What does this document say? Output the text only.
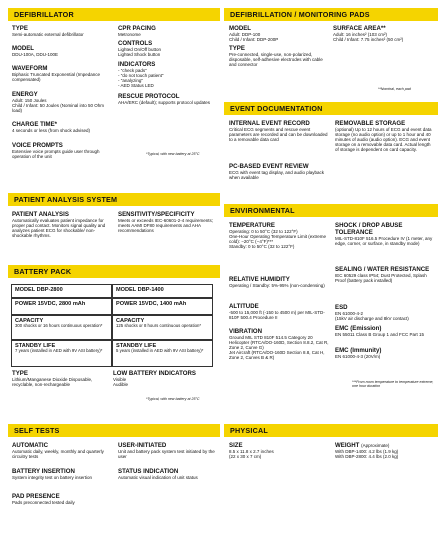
DEFIBRILLATOR

TYPE

Semi-automatic external defibrillator

MODEL

DDU-100A, DDU-100E

WAVEFORM

Biphasic Truncated Exponential (Impedance compensated)

ENERGY

Adult: 150 Joules
Child / Infant: 50 Joules (Nominal into 50 Ohm load)

CHARGE TIME*

4 seconds or less (from shock advised)

VOICE PROMPTS

Extensive voice prompts guide user through operation of the unit

CPR PACING

Metronome

CONTROLS

Lighted On/Off button
Lighted Shock button

INDICATORS

- "check pads"
- "do not touch patient"
- "analyzing"
- AED Status LED

RESCUE PROTOCOL

AHA/ERC (default); supports protocol updates

*Typical, with new battery at 25°C
DEFIBRILLATION / MONITORING PADS

MODEL

Adult: DDP-100
Child / Infant: DDP-200P

TYPE

Pre-connected, single-use, non-polarized, disposable, self-adhesive electrodes with cable and connector

SURFACE AREA**

Adult: 16 inches² (103 cm²)
Child / Infant: 7.75 inches² (50 cm²)

**Nominal, each pad
EVENT DOCUMENTATION

INTERNAL EVENT RECORD

Critical ECG segments and rescue event parameters are recorded and can be downloaded to a removable data card

PC-BASED EVENT REVIEW

ECG with event tag display, and audio playback when available

REMOVABLE STORAGE

(optional) Up to 12 hours of ECG and event data storage (no audio option) or up to 1 hour and 40 minutes of audio (audio option). ECG and event storage on a removable data card. Actual length of storage is dependent on card capacity.

PATIENT ANALYSIS SYSTEM

PATIENT ANALYSIS

Automatically evaluates patient impedance for proper pad contact. Monitors signal quality and analyzes patient ECG for shockable/ non-shockable rhythms.

SENSITIVITY/SPECIFICITY

Meets or exceeds IEC-60601-2-4 requirements; meets AAMI DF80 requirements and AHA recommendations

ENVIRONMENTAL

TEMPERATURE

Operating: 0 to 50°C (32 to 122°F)
One-Hour Operating Temperature Limit (extreme cold): −20°C (−4°F)***
Standby: 0 to 50°C (32 to 122°F)

RELATIVE HUMIDITY

Operating / Standby: 5%-95% (non-condensing)

ALTITUDE

-500 to 15,000 ft (-150 to 4500 m) per MIL-STD-810F 500.4 Procedure II

VIBRATION

Ground MIL STD 810F 514.5 Category 20
Helicopter (RTCA/DO-160D, Section 8.8.2, Cat R, Zone 2, Curve G)
Jet Aircraft (RTCA/DO-160D Section 8.8, Cat H, Zone 2, Curves B & R)

SHOCK / DROP ABUSE TOLERANCE

MIL-STD-810F 516.5 Procedure IV (1 meter, any edge, corner, or surface, in standby mode)

SEALING / WATER RESISTANCE

IEC 60529 class IP54; Dust Protected, Splash Proof (battery pack installed)

ESD

EN 61000-4-2
(15kV air discharge and 8kV contact)

EMC (Emission)

EN 55011 Class B Group 1 and FCC Part 15

EMC (Immunity)

EN 61000-4-3 (20V/m)

***From room temperature to temperature extreme, one hour duration
BATTERY PACK

MODEL DBP-2800	MODEL DBP-1400

POWER 15VDC, 2800 mAh	POWER 15VDC, 1400 mAh

CAPACITY

300 shocks or 16 hours continuous operation*

CAPACITY

125 shocks or 8 hours continuous operation*

STANDBY LIFE

7 years (installed in AED with 9V ASI battery)*

STANDBY LIFE

5 years (installed in AED with 9V ASI battery)*

TYPE

Lithium/Manganese Dioxide Disposable, recyclable, non-rechargeable

LOW BATTERY INDICATORS

Visible
Audible

*Typical, with new battery at 25°C
SELF TESTS

AUTOMATIC

Automatic daily, weekly, monthly and quarterly circuitry tests

BATTERY INSERTION

System integrity test on battery insertion

PAD PRESENCE

Pads preconnected tested daily

USER-INITIATED

Unit and battery pack system test initiated by the user

STATUS INDICATION

Automatic visual indication of unit status

PHYSICAL

SIZE

8.5 x 11.8 x 2.7 inches
(22 x 30 x 7 cm)

WEIGHT (Approximate)

With DBP-1400: 4.2 lbs (1.9 kg)
With DBP-2800: 4.4 lbs (2.0 kg)
